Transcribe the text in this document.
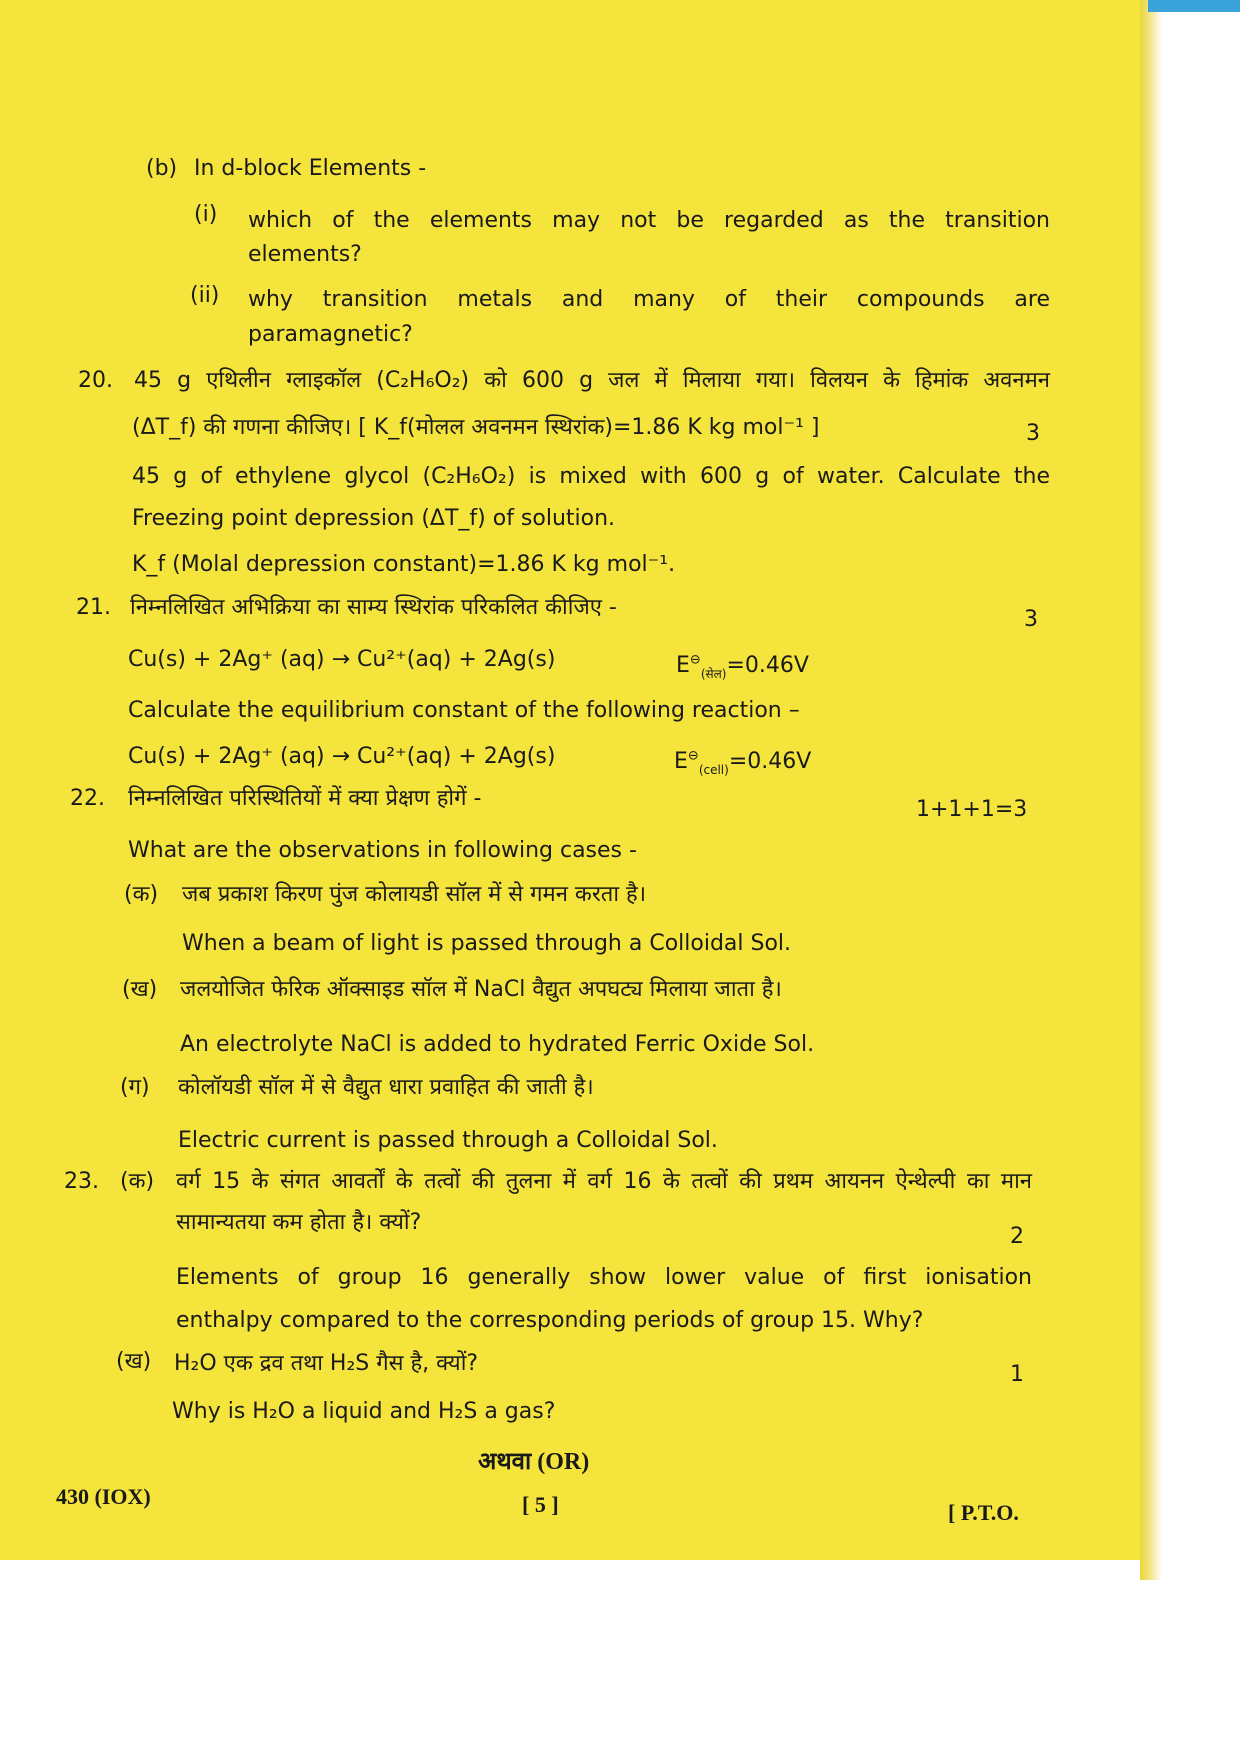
(b) In d-block Elements -
(i) which of the elements may not be regarded as the transition
elements?
(ii) why transition metals and many of their compounds are
paramagnetic?
20. 45 g एथिलीन ग्लाइकॉल (C₂H₆O₂) को 600 g जल में मिलाया गया। विलयन के हिमांक अवनमन
(ΔT_f) की गणना कीजिए। [ K_f(मोलल अवनमन स्थिरांक)=1.86 K kg mol⁻¹ ]	3
45 g of ethylene glycol (C₂H₆O₂) is mixed with 600 g of water. Calculate the
Freezing point depression (ΔT_f) of solution.
K_f (Molal depression constant)=1.86 K kg mol⁻¹.
21. निम्नलिखित अभिक्रिया का साम्य स्थिरांक परिकलित कीजिए -	3
Cu(s) + 2Ag⁺ (aq) → Cu²⁺(aq) + 2Ag(s)	$E^⊖_{(सेल)}=0.46V$
Calculate the equilibrium constant of the following reaction –
Cu(s) + 2Ag⁺ (aq) → Cu²⁺(aq) + 2Ag(s)	$E^⊖_{(cell)}=0.46V$
22. निम्नलिखित परिस्थितियों में क्या प्रेक्षण होगें -	1+1+1=3
What are the observations in following cases -
(क) जब प्रकाश किरण पुंज कोलायडी सॉल में से गमन करता है।
When a beam of light is passed through a Colloidal Sol.
(ख) जलयोजित फेरिक ऑक्साइड सॉल में NaCl वैद्युत अपघट्य मिलाया जाता है।
An electrolyte NaCl is added to hydrated Ferric Oxide Sol.
(ग) कोलॉयडी सॉल में से वैद्युत धारा प्रवाहित की जाती है।
Electric current is passed through a Colloidal Sol.
23. (क) वर्ग 15 के संगत आवर्तों के तत्वों की तुलना में वर्ग 16 के तत्वों की प्रथम आयनन ऐन्थेल्पी का मान
सामान्यतया कम होता है। क्यों?
2
Elements of group 16 generally show lower value of first ionisation
enthalpy compared to the corresponding periods of group 15. Why?
(ख) H₂O एक द्रव तथा H₂S गैस है, क्यों?	1
Why is H₂O a liquid and H₂S a gas?
अथवा (OR)
430 (IOX)	[ 5 ]	[ P.T.O.
